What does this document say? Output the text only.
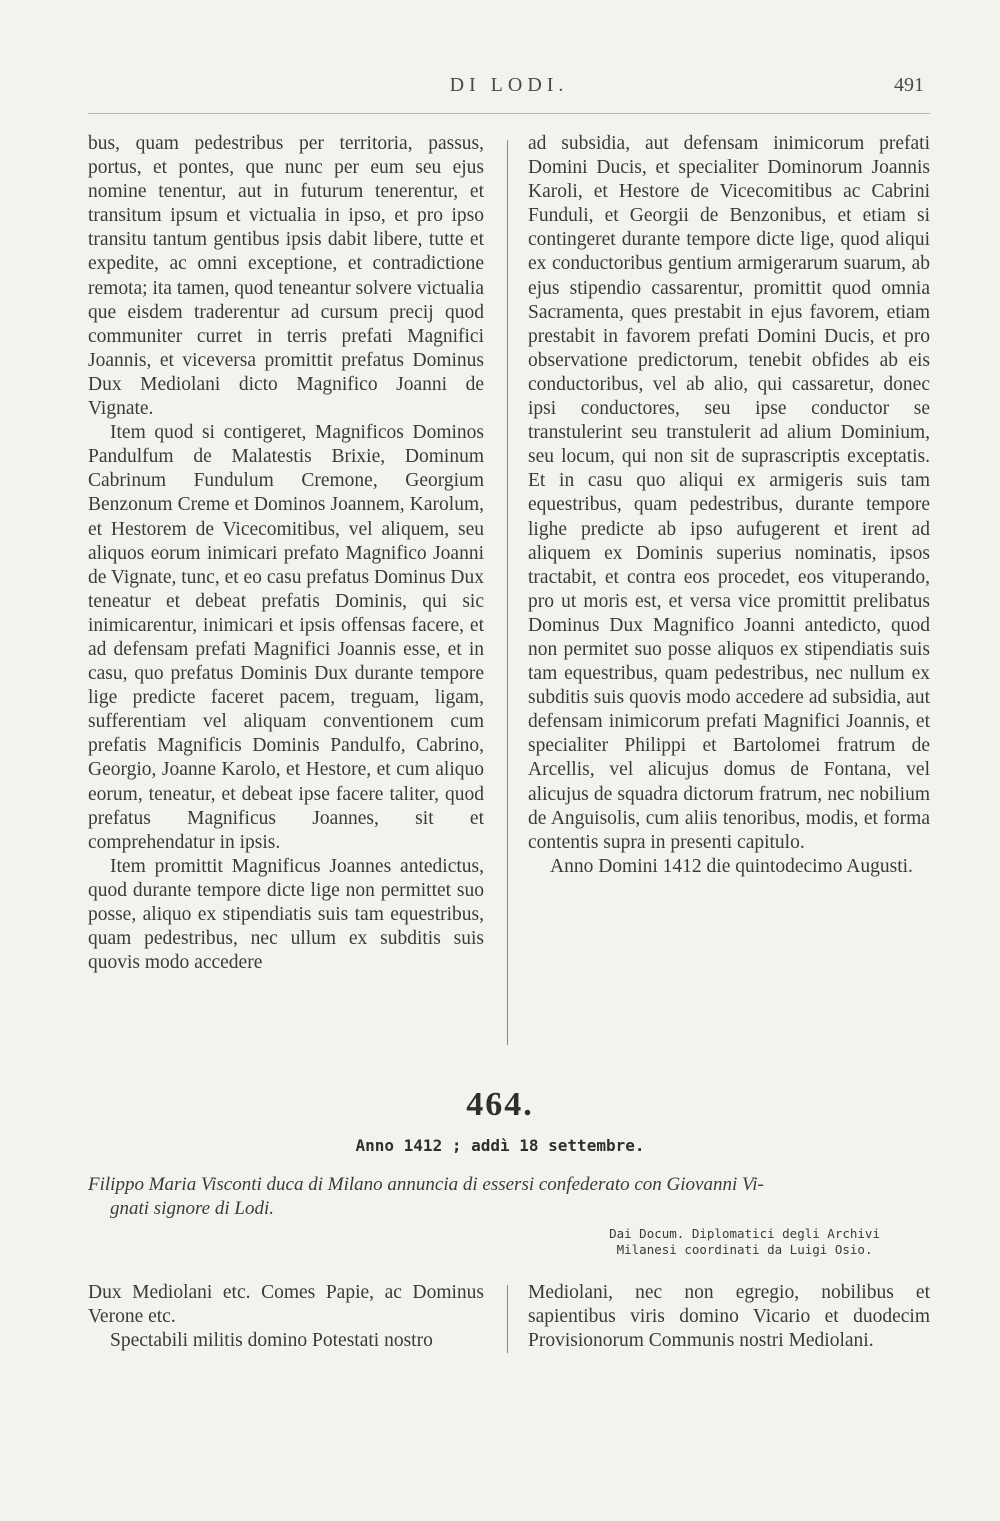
DI LODI.	491

bus, quam pedestribus per territoria, passus, portus, et pontes, que nunc per eum seu ejus nomine tenentur, aut in futurum tenerentur, et transitum ipsum et victualia in ipso, et pro ipso transitu tantum gentibus ipsis dabit libere, tutte et expedite, ac omni exceptione, et contradictione remota; ita tamen, quod teneantur solvere victualia que eisdem traderentur ad cursum precij quod communiter curret in terris prefati Magnifici Joannis, et viceversa promittit prefatus Dominus Dux Mediolani dicto Magnifico Joanni de Vignate.

Item quod si contigeret, Magnificos Dominos Pandulfum de Malatestis Brixie, Dominum Cabrinum Fundulum Cremone, Georgium Benzonum Creme et Dominos Joannem, Karolum, et Hestorem de Vicecomitibus, vel aliquem, seu aliquos eorum inimicari prefato Magnifico Joanni de Vignate, tunc, et eo casu prefatus Dominus Dux teneatur et debeat prefatis Dominis, qui sic inimicarentur, inimicari et ipsis offensas facere, et ad defensam prefati Magnifici Joannis esse, et in casu, quo prefatus Dominis Dux durante tempore lige predicte faceret pacem, treguam, ligam, sufferentiam vel aliquam conventionem cum prefatis Magnificis Dominis Pandulfo, Cabrino, Georgio, Joanne Karolo, et Hestore, et cum aliquo eorum, teneatur, et debeat ipse facere taliter, quod prefatus Magnificus Joannes, sit et comprehendatur in ipsis.

Item promittit Magnificus Joannes antedictus, quod durante tempore dicte lige non permittet suo posse, aliquo ex stipendiatis suis tam equestribus, quam pedestribus, nec ullum ex subditis suis quovis modo accedere

ad subsidia, aut defensam inimicorum prefati Domini Ducis, et specialiter Dominorum Joannis Karoli, et Hestore de Vicecomitibus ac Cabrini Funduli, et Georgii de Benzonibus, et etiam si contingeret durante tempore dicte lige, quod aliqui ex conductoribus gentium armigerarum suarum, ab ejus stipendio cassarentur, promittit quod omnia Sacramenta, ques prestabit in ejus favorem, etiam prestabit in favorem prefati Domini Ducis, et pro observatione predictorum, tenebit obfides ab eis conductoribus, vel ab alio, qui cassaretur, donec ipsi conductores, seu ipse conductor se transtulerint seu transtulerit ad alium Dominium, seu locum, qui non sit de suprascriptis exceptatis. Et in casu quo aliqui ex armigeris suis tam equestribus, quam pedestribus, durante tempore lighe predicte ab ipso aufugerent et irent ad aliquem ex Dominis superius nominatis, ipsos tractabit, et contra eos procedet, eos vituperando, pro ut moris est, et versa vice promittit prelibatus Dominus Dux Magnifico Joanni antedicto, quod non permitet suo posse aliquos ex stipendiatis suis tam equestribus, quam pedestribus, nec nullum ex subditis suis quovis modo accedere ad subsidia, aut defensam inimicorum prefati Magnifici Joannis, et specialiter Philippi et Bartolomei fratrum de Arcellis, vel alicujus domus de Fontana, vel alicujus de squadra dictorum fratrum, nec nobilium de Anguisolis, cum aliis tenoribus, modis, et forma contentis supra in presenti capitulo.

Anno Domini 1412 die quintodecimo Augusti.

464.
Anno 1412 ; addì 18 settembre.
Filippo Maria Visconti duca di Milano annuncia di essersi confederato con Giovanni Vi-
gnati signore di Lodi.
Dai Docum. Diplomatici degli Archivi
Milanesi coordinati da Luigi Osio.

Dux Mediolani etc. Comes Papie, ac Dominus Verone etc.

Spectabili militis domino Potestati nostro

Mediolani, nec non egregio, nobilibus et sapientibus viris domino Vicario et duodecim Provisionorum Communis nostri Mediolani.
